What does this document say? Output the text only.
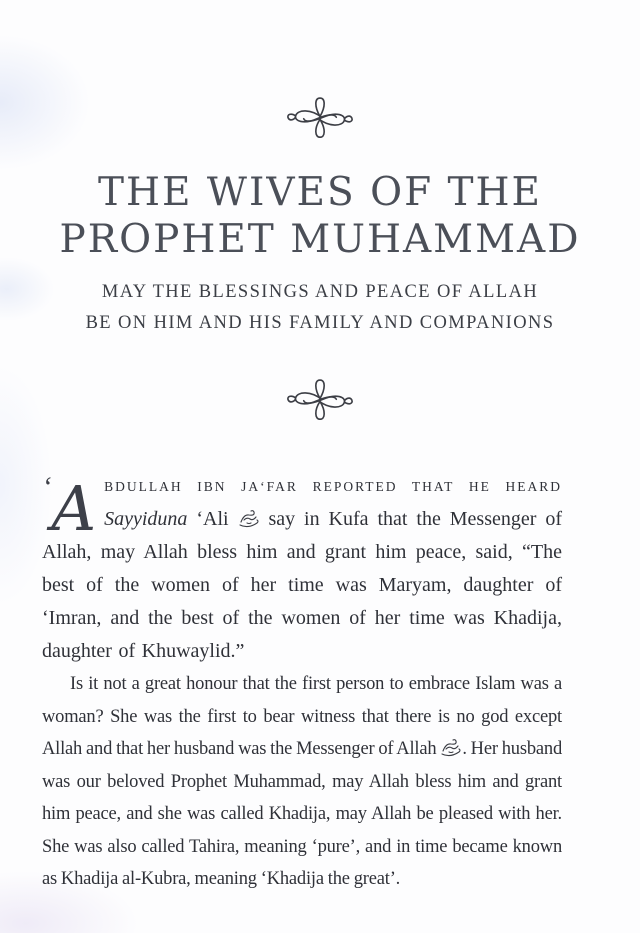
THE WIVES OF THE
PROPHET MUHAMMAD
MAY THE BLESSINGS AND PEACE OF ALLAH
BE ON HIM AND HIS FAMILY AND COMPANIONS

‘A BDULLAH IBN JA‘FAR REPORTED THAT HE HEARD Sayyiduna ‘Ali
say in Kufa that the Messenger of Allah, may Allah bless him and grant him peace, said, “The best of the women of her time was Maryam, daughter of ‘Imran, and the best of the women of her time was Khadija, daughter of Khuwaylid.”

Is it not a great honour that the first person to embrace Islam was a woman? She was the first to bear witness that there is no god except Allah and that her husband was the Messenger of Allah
. Her husband was our beloved Prophet Muhammad, may Allah bless him and grant him peace, and she was called Khadija, may Allah be pleased with her. She was also called Tahira, meaning ‘pure’, and in time became known as Khadija al-Kubra, meaning ‘Khadija the great’.
